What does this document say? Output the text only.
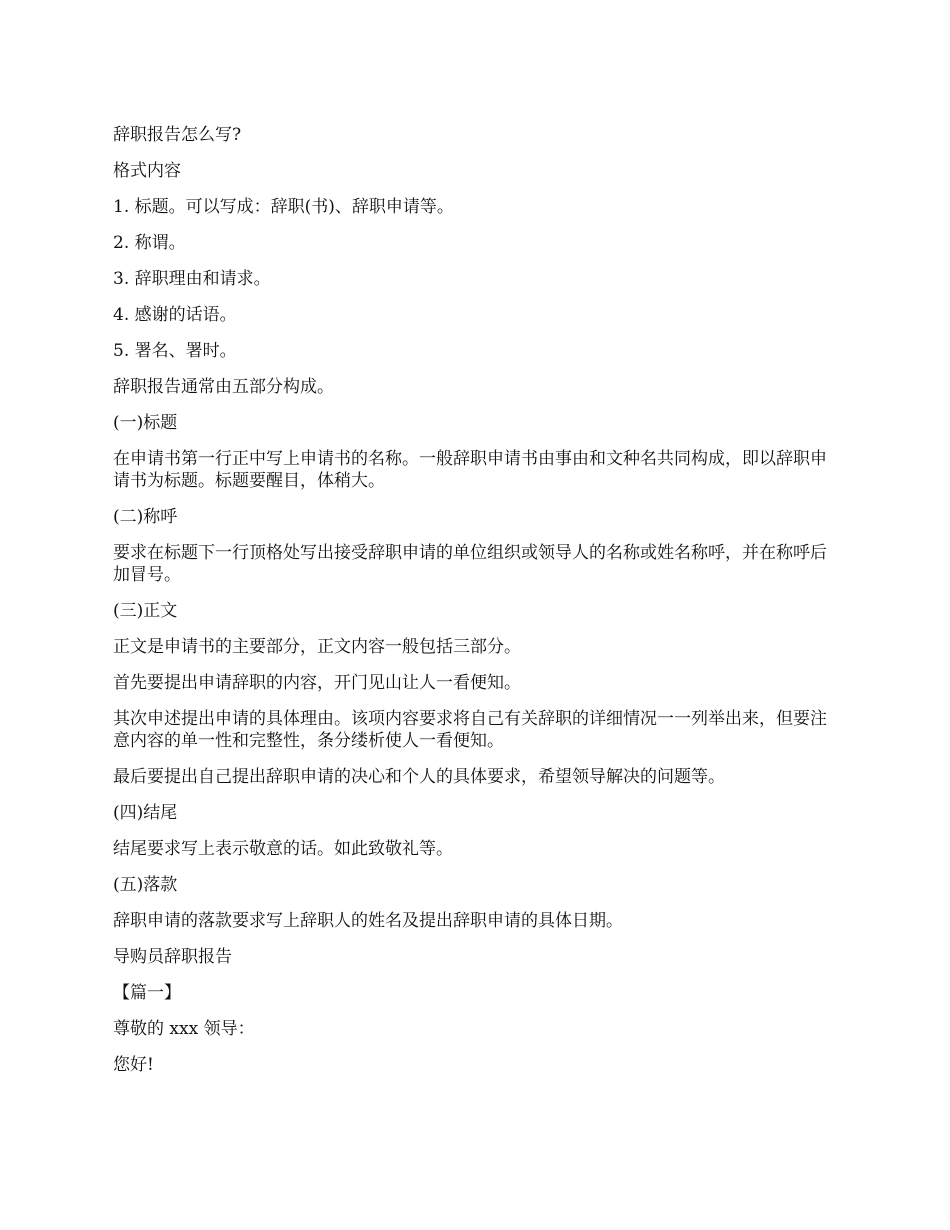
辞职报告怎么写?

格式内容

1. 标题。可以写成：辞职(书)、辞职申请等。

2. 称谓。

3. 辞职理由和请求。

4. 感谢的话语。

5. 署名、署时。

辞职报告通常由五部分构成。

(一)标题

在申请书第一行正中写上申请书的名称。一般辞职申请书由事由和文种名共同构成，即以辞职申请书为标题。标题要醒目，体稍大。

(二)称呼

要求在标题下一行顶格处写出接受辞职申请的单位组织或领导人的名称或姓名称呼，并在称呼后加冒号。

(三)正文

正文是申请书的主要部分，正文内容一般包括三部分。

首先要提出申请辞职的内容，开门见山让人一看便知。

其次申述提出申请的具体理由。该项内容要求将自己有关辞职的详细情况一一列举出来，但要注意内容的单一性和完整性，条分缕析使人一看便知。

最后要提出自己提出辞职申请的决心和个人的具体要求，希望领导解决的问题等。

(四)结尾

结尾要求写上表示敬意的话。如此致敬礼等。

(五)落款

辞职申请的落款要求写上辞职人的姓名及提出辞职申请的具体日期。

导购员辞职报告

【篇一】

尊敬的 xxx 领导：

您好!
